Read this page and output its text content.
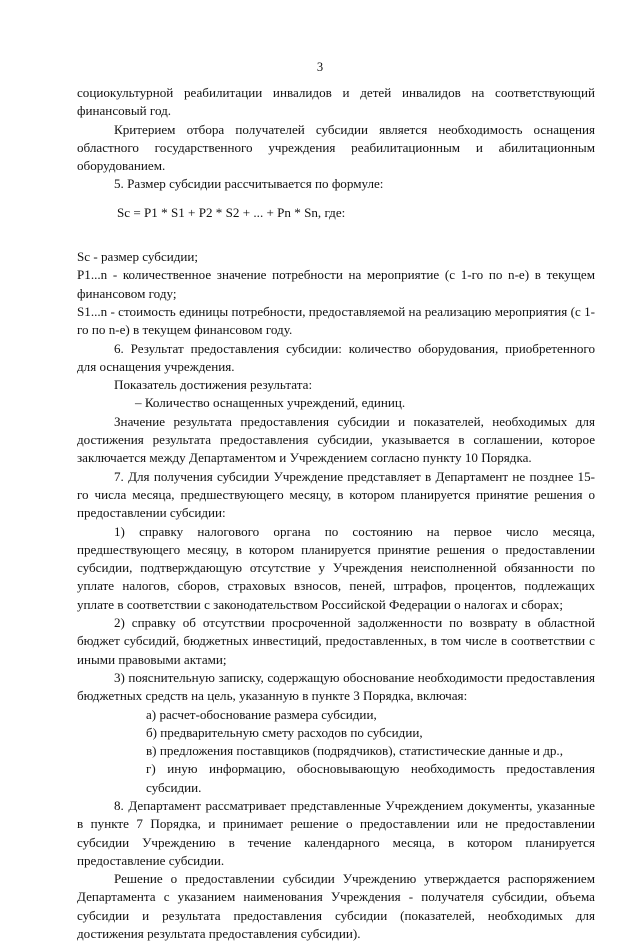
3

социокультурной реабилитации инвалидов и детей инвалидов на соответствующий финансовый год.

Критерием отбора получателей субсидии является необходимость оснащения областного государственного учреждения реабилитационным и абилитационным оборудованием.

5. Размер субсидии рассчитывается по формуле:

Sc = P1 * S1 + P2 * S2 + ... + Pn * Sn, где:

Sc - размер субсидии;

P1...n - количественное значение потребности на мероприятие (с 1-го по n-е) в текущем финансовом году;

S1...n - стоимость единицы потребности, предоставляемой на реализацию мероприятия (с 1-го по n-е) в текущем финансовом году.

6. Результат предоставления субсидии: количество оборудования, приобретенного для оснащения учреждения.

Показатель достижения результата:

– Количество оснащенных учреждений, единиц.

Значение результата предоставления субсидии и показателей, необходимых для достижения результата предоставления субсидии, указывается в соглашении, которое заключается между Департаментом и Учреждением согласно пункту 10 Порядка.

7. Для получения субсидии Учреждение представляет в Департамент не позднее 15-го числа месяца, предшествующего месяцу, в котором планируется принятие решения о предоставлении субсидии:

1) справку налогового органа по состоянию на первое число месяца, предшествующего месяцу, в котором планируется принятие решения о предоставлении субсидии, подтверждающую отсутствие у Учреждения неисполненной обязанности по уплате налогов, сборов, страховых взносов, пеней, штрафов, процентов, подлежащих уплате в соответствии с законодательством Российской Федерации о налогах и сборах;

2) справку об отсутствии просроченной задолженности по возврату в областной бюджет субсидий, бюджетных инвестиций, предоставленных, в том числе в соответствии с иными правовыми актами;

3) пояснительную записку, содержащую обоснование необходимости предоставления бюджетных средств на цель, указанную в пункте 3 Порядка, включая:

а) расчет-обоснование размера субсидии,

б) предварительную смету расходов по субсидии,

в) предложения поставщиков (подрядчиков), статистические данные и др.,

г) иную информацию, обосновывающую необходимость предоставления субсидии.

8. Департамент рассматривает представленные Учреждением документы, указанные в пункте 7 Порядка, и принимает решение о предоставлении или не предоставлении субсидии Учреждению в течение календарного месяца, в котором планируется предоставление субсидии.

Решение о предоставлении субсидии Учреждению утверждается распоряжением Департамента с указанием наименования Учреждения - получателя субсидии, объема субсидии и результата предоставления субсидии (показателей, необходимых для достижения результата предоставления субсидии).
